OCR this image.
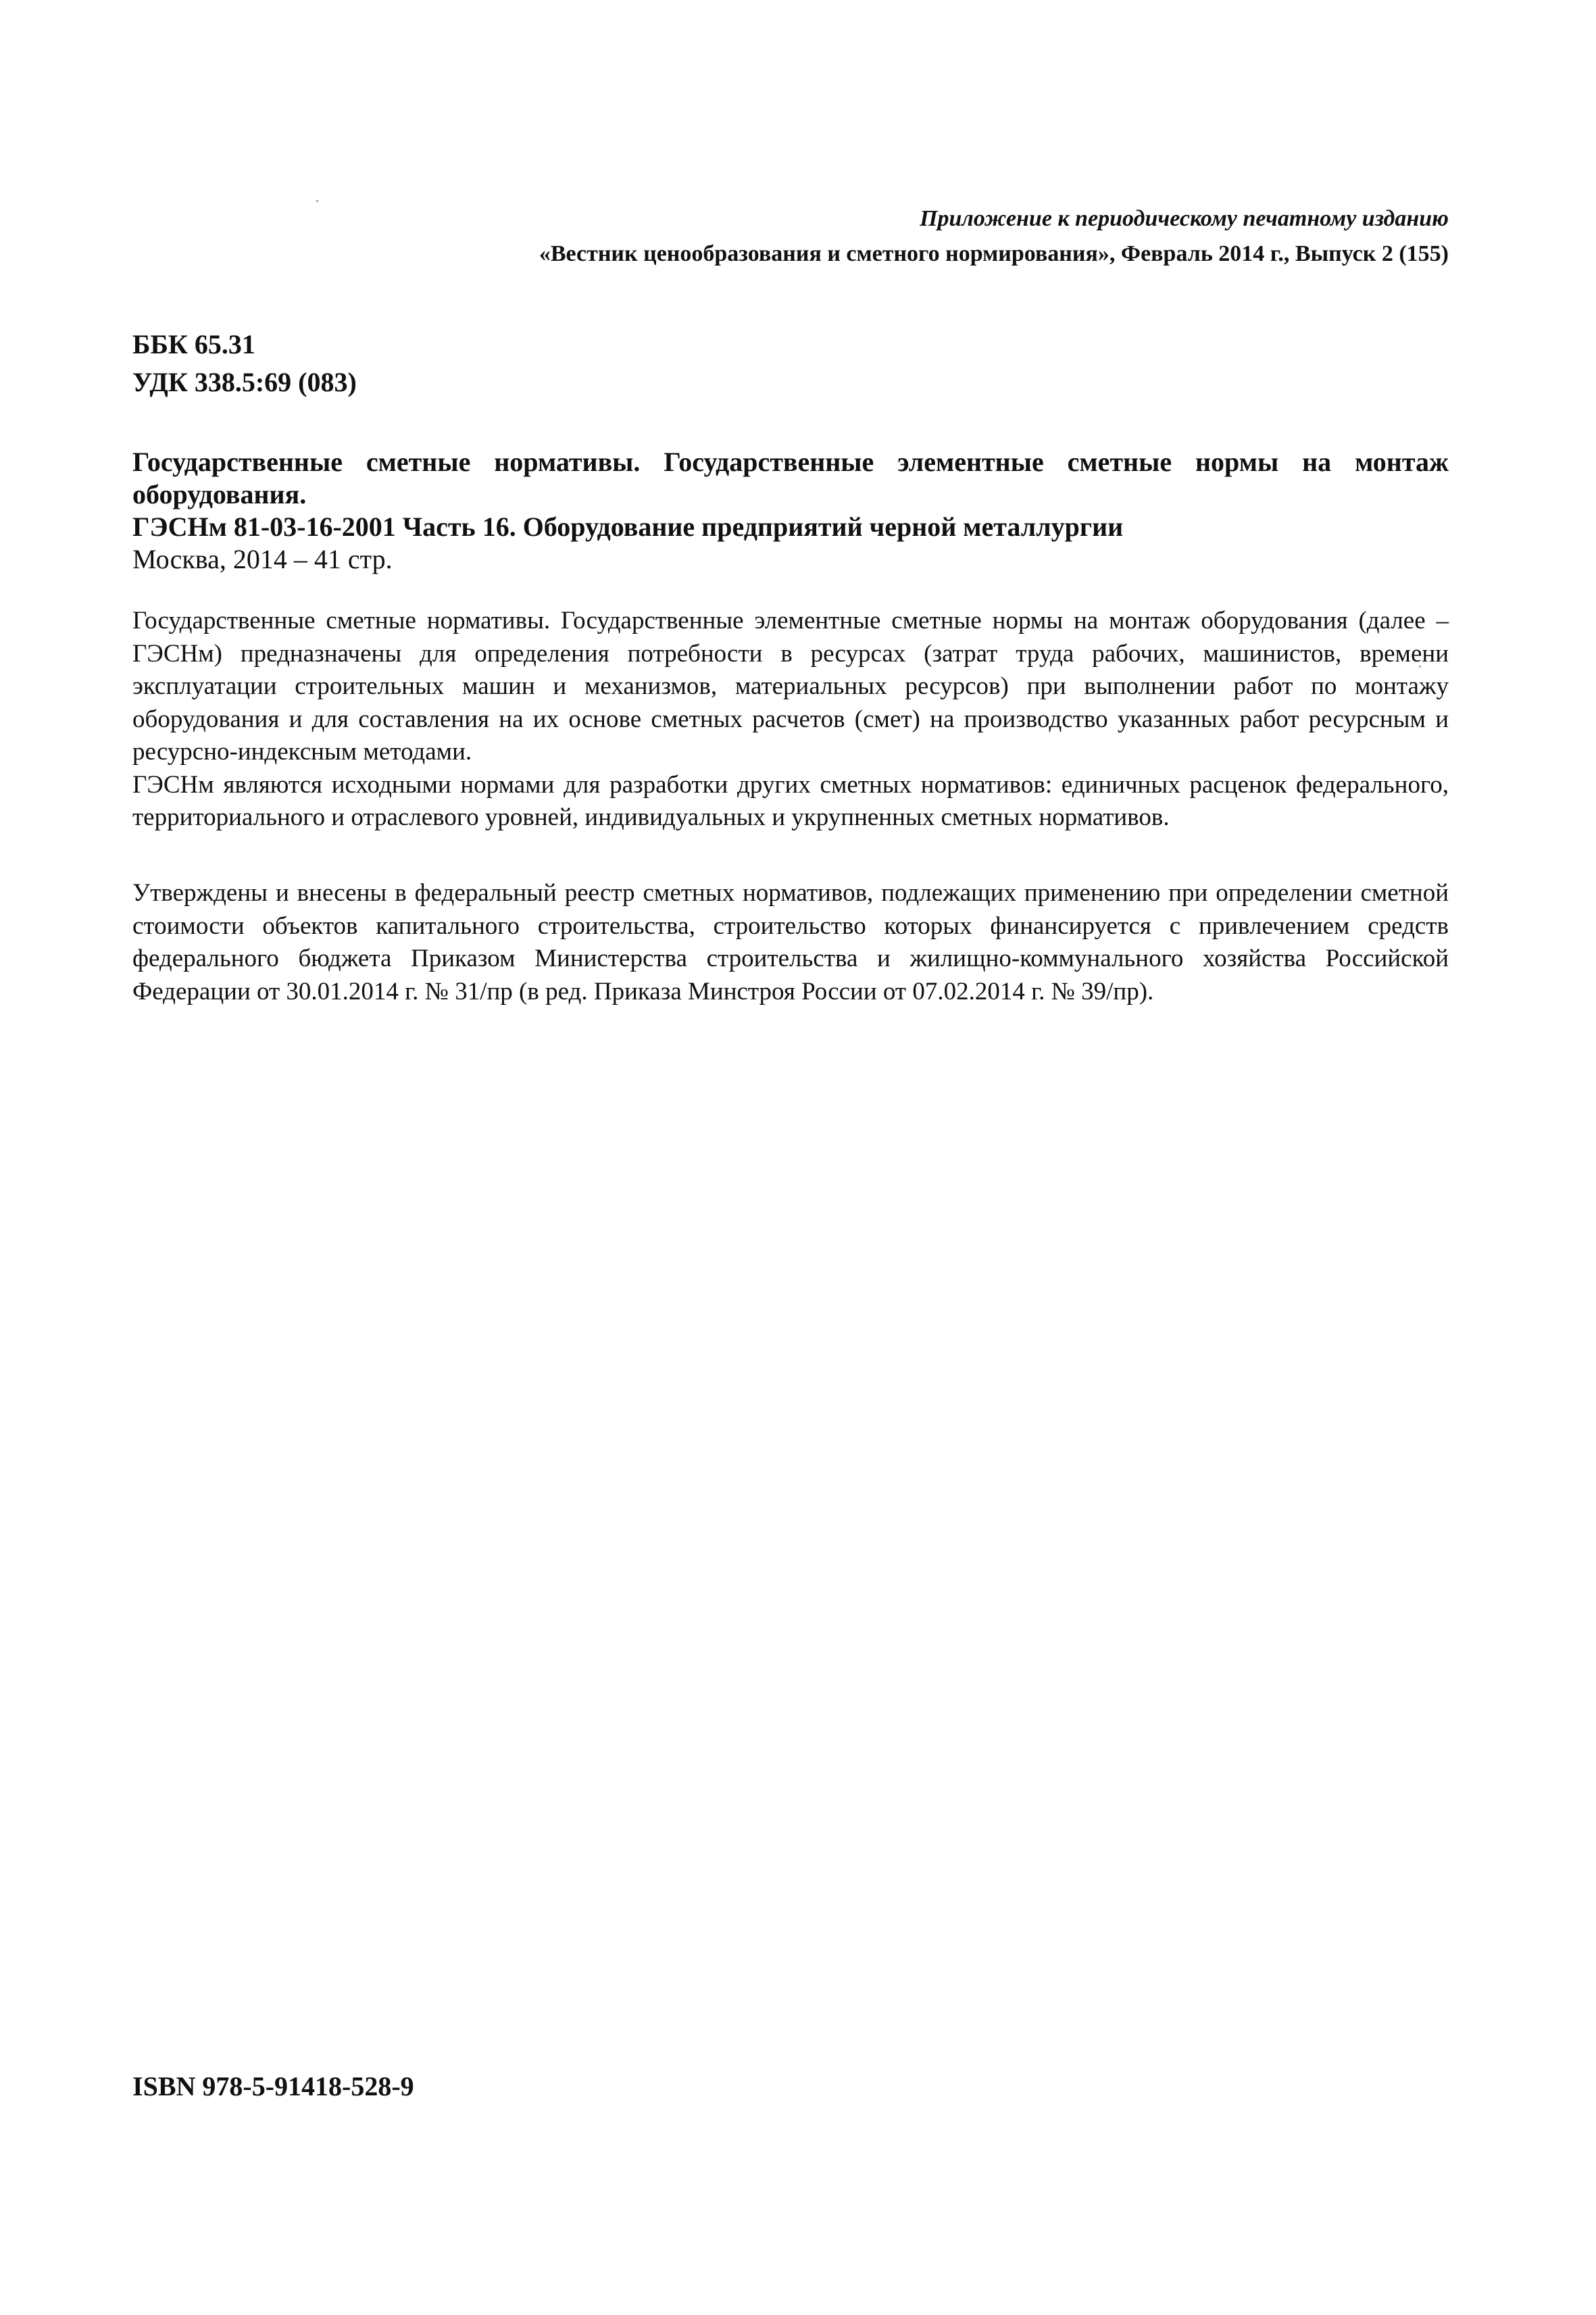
Приложение к периодическому печатному изданию
«Вестник ценообразования и сметного нормирования», Февраль 2014 г., Выпуск 2 (155)
ББК 65.31
УДК 338.5:69 (083)
Государственные сметные нормативы. Государственные элементные сметные нормы на монтаж оборудования.
ГЭСНм 81-03-16-2001 Часть 16. Оборудование предприятий черной металлургии
Москва, 2014 – 41 стр.

Государственные сметные нормативы. Государственные элементные сметные нормы на монтаж оборудования (далее – ГЭСНм) предназначены для определения потребности в ресурсах (затрат труда рабочих, машинистов, времени эксплуатации строительных машин и механизмов, материальных ресурсов) при выполнении работ по монтажу оборудования и для составления на их основе сметных расчетов (смет) на производство указанных работ ресурсным и ресурсно-индексным методами.

ГЭСНм являются исходными нормами для разработки других сметных нормативов: единичных расценок федерального, территориального и отраслевого уровней, индивидуальных и укрупненных сметных нормативов.

Утверждены и внесены в федеральный реестр сметных нормативов, подлежащих применению при определении сметной стоимости объектов капитального строительства, строительство которых финансируется с привлечением средств федерального бюджета Приказом Министерства строительства и жилищно-коммунального хозяйства Российской Федерации от 30.01.2014 г. № 31/пр (в ред. Приказа Минстроя России от 07.02.2014 г. № 39/пр).

ISBN 978-5-91418-528-9
